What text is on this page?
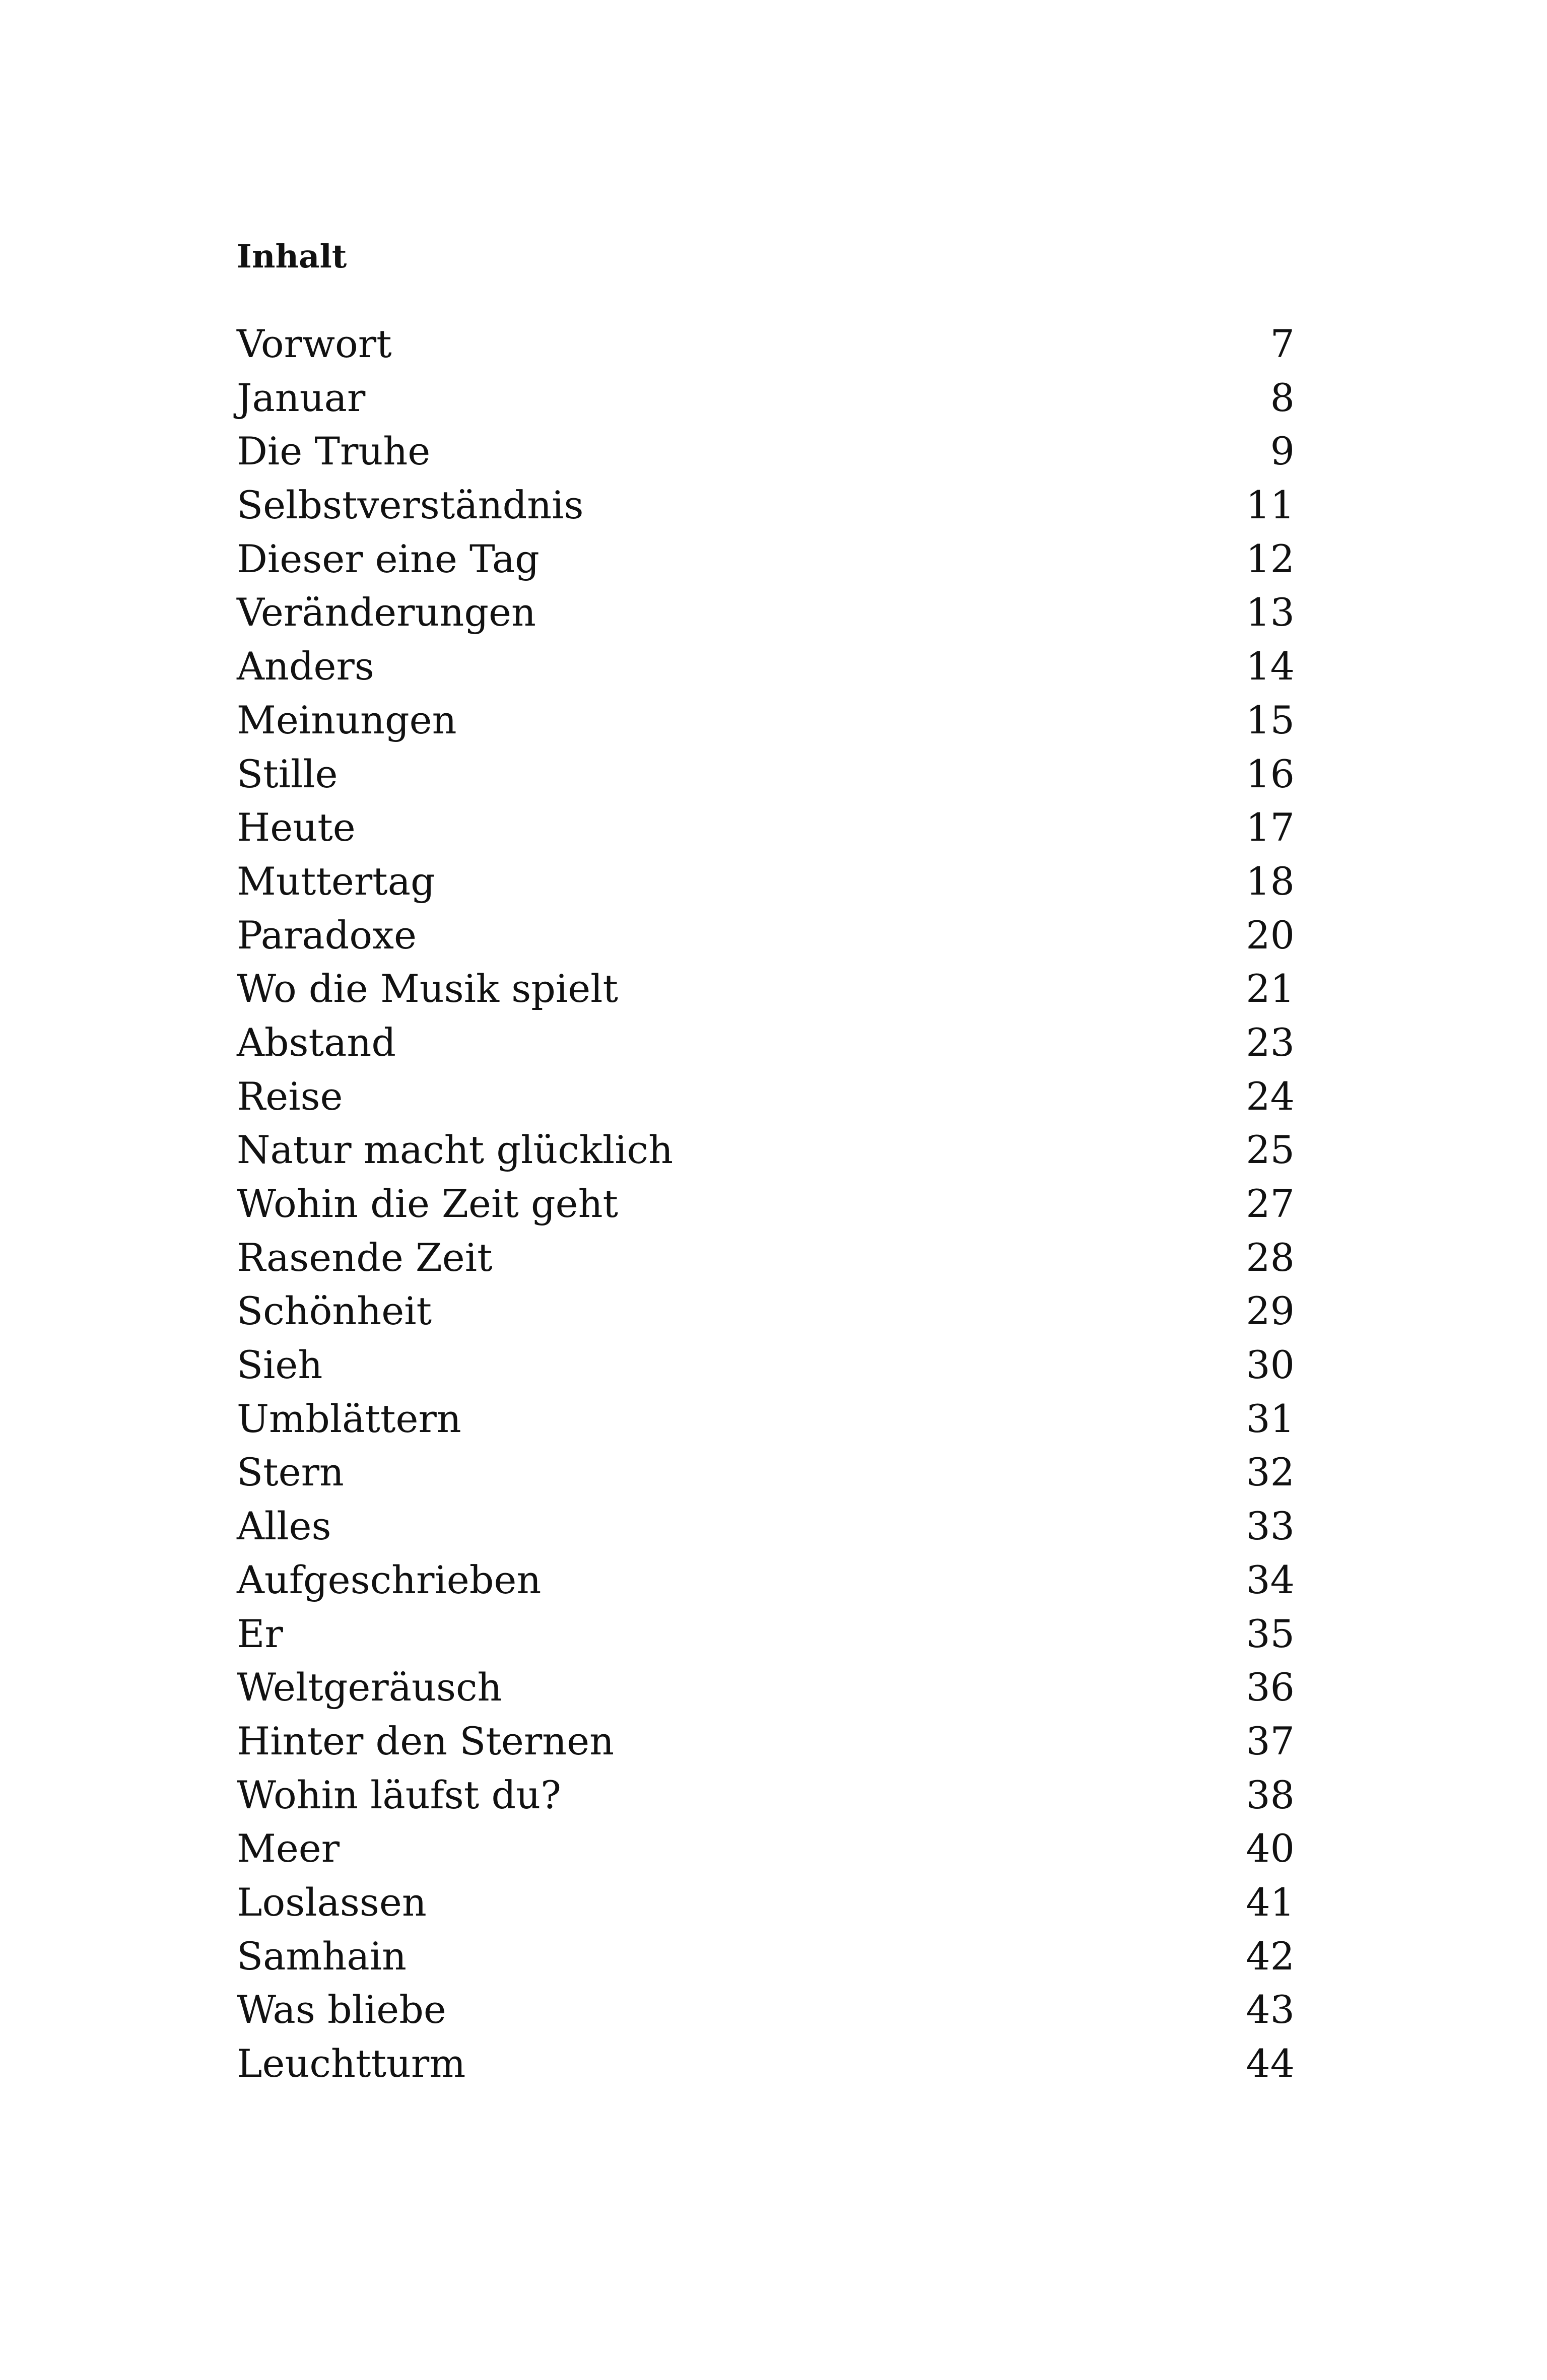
Inhalt
Vorwort	7
Januar	8
Die Truhe	9
Selbstverständnis	11
Dieser eine Tag	12
Veränderungen	13
Anders	14
Meinungen	15
Stille	16
Heute	17
Muttertag	18
Paradoxe	20
Wo die Musik spielt	21
Abstand	23
Reise	24
Natur macht glücklich	25
Wohin die Zeit geht	27
Rasende Zeit	28
Schönheit	29
Sieh	30
Umblättern	31
Stern	32
Alles	33
Aufgeschrieben	34
Er	35
Weltgeräusch	36
Hinter den Sternen	37
Wohin läufst du?	38
Meer	40
Loslassen	41
Samhain	42
Was bliebe	43
Leuchtturm	44
